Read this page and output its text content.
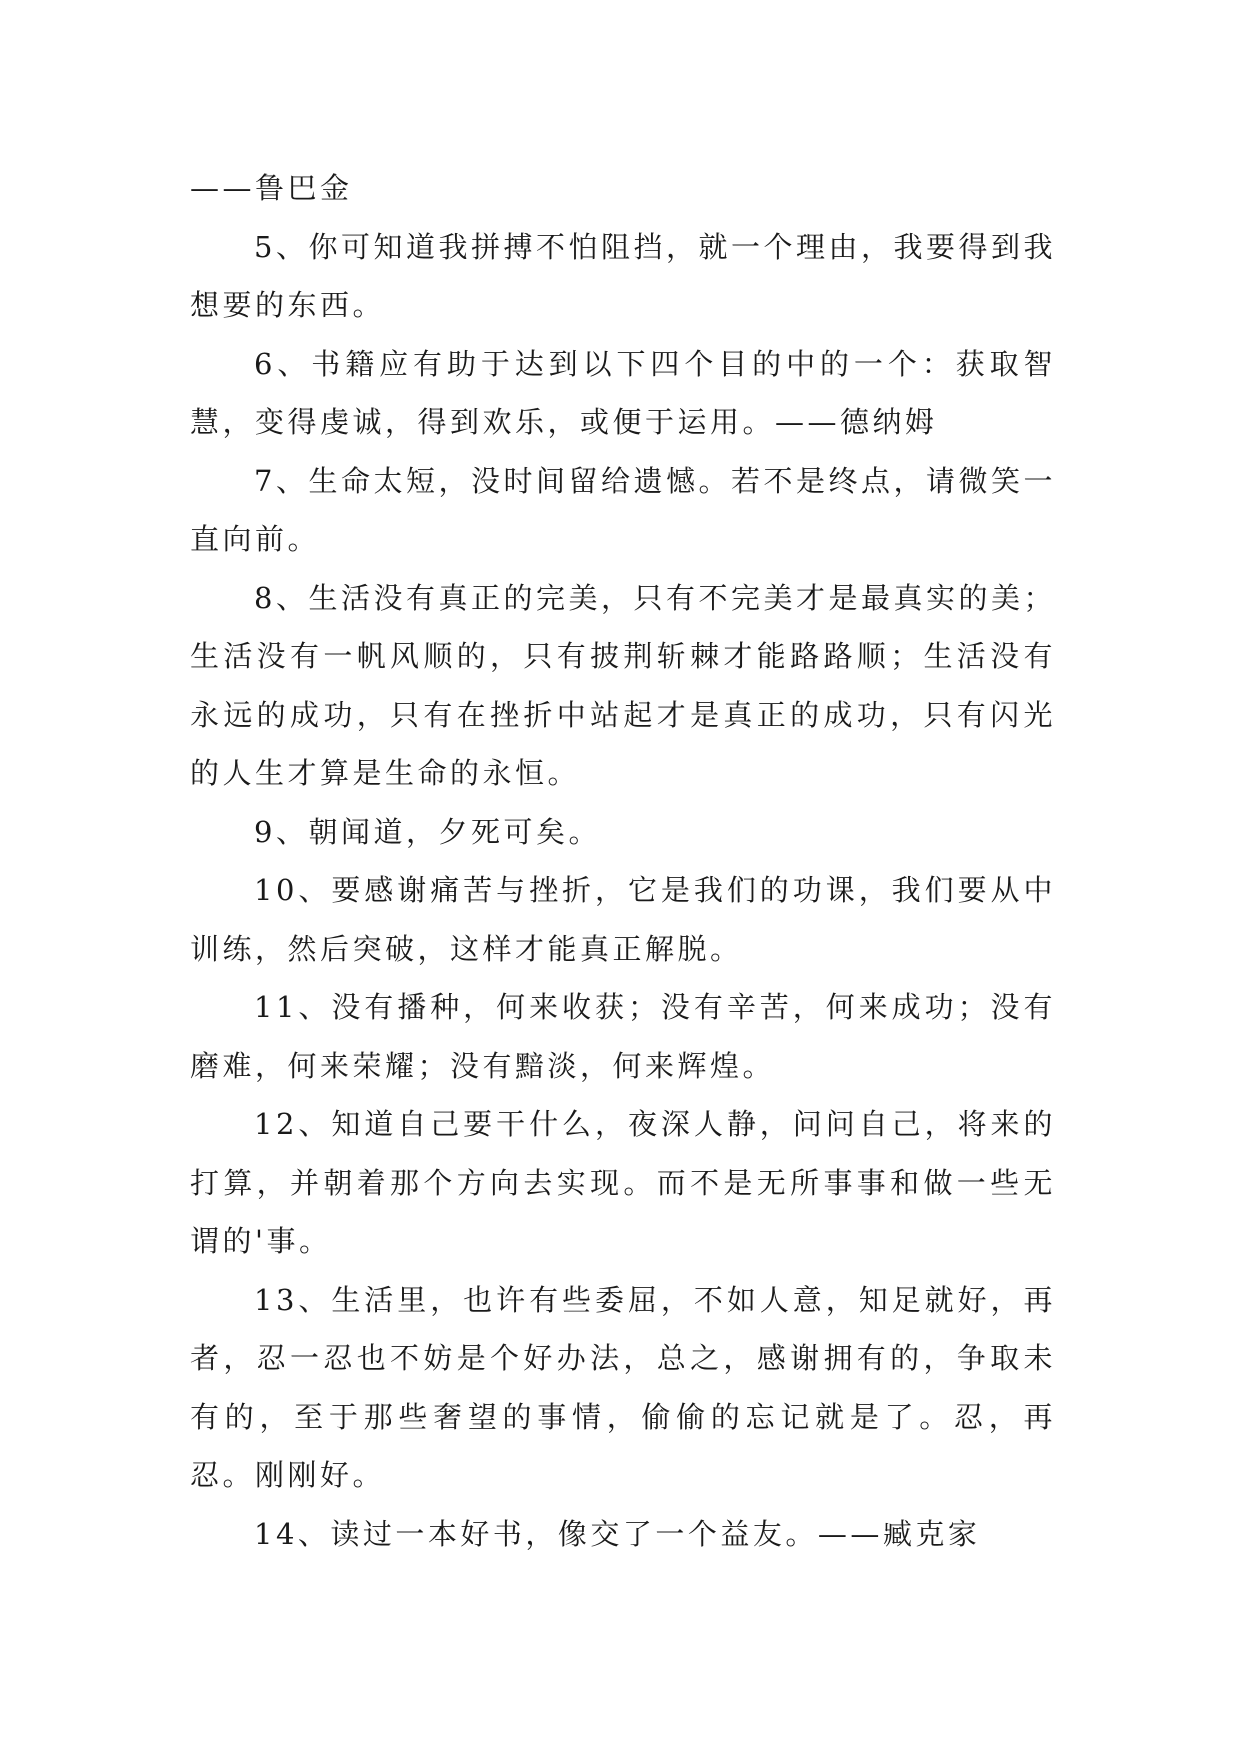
——鲁巴金

5、你可知道我拼搏不怕阻挡，就一个理由，我要得到我想要的东西。

6、书籍应有助于达到以下四个目的中的一个：获取智慧，变得虔诚，得到欢乐，或便于运用。——德纳姆

7、生命太短，没时间留给遗憾。若不是终点，请微笑一直向前。

8、生活没有真正的完美，只有不完美才是最真实的美；生活没有一帆风顺的，只有披荆斩棘才能路路顺；生活没有永远的成功，只有在挫折中站起才是真正的成功，只有闪光的人生才算是生命的永恒。

9、朝闻道，夕死可矣。

10、要感谢痛苦与挫折，它是我们的功课，我们要从中训练，然后突破，这样才能真正解脱。

11、没有播种，何来收获；没有辛苦，何来成功；没有磨难，何来荣耀；没有黯淡，何来辉煌。

12、知道自己要干什么，夜深人静，问问自己，将来的打算，并朝着那个方向去实现。而不是无所事事和做一些无谓的'事。

13、生活里，也许有些委屈，不如人意，知足就好，再者，忍一忍也不妨是个好办法，总之，感谢拥有的，争取未有的，至于那些奢望的事情，偷偷的忘记就是了。忍，再忍。刚刚好。

14、读过一本好书，像交了一个益友。——臧克家
